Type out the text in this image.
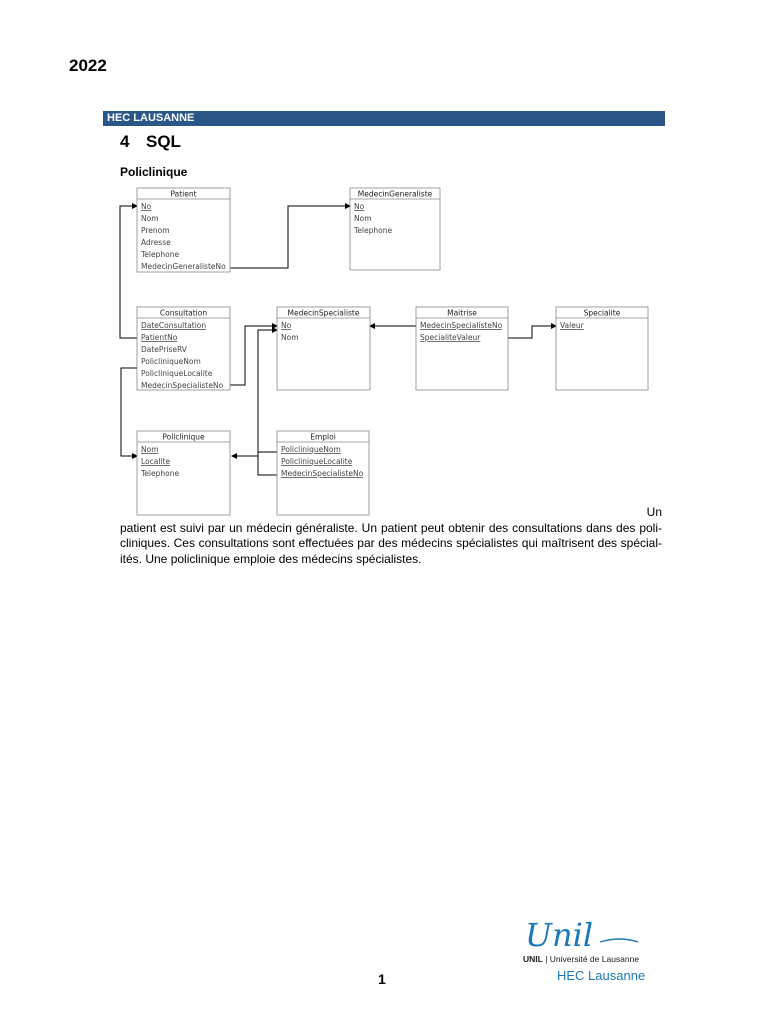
2022
HEC LAUSANNE
4 SQL
Policlinique
Patient
No
Nom
Prenom
Adresse
Telephone
MedecinGeneralisteNo
MedecinGeneraliste
No
Nom
Telephone
Consultation
DateConsultation
PatientNo
DatePriseRV
PolicliniqueNom
PolicliniqueLocalite
MedecinSpecialisteNo
MedecinSpecialiste
No
Nom
Maitrise
MedecinSpecialisteNo
SpecialiteValeur
Specialite
Valeur
Policlinique
Nom
Localite
Telephone
Emploi
PolicliniqueNom
PolicliniqueLocalite
MedecinSpecialisteNo

Un

patient est suivi par un médecin généraliste. Un patient peut obtenir des consultations dans des poli-cliniques. Ces consultations sont effectuées par des médecins spécialistes qui maîtrisent des spécial-ités. Une policlinique emploie des médecins spécialistes.

Unil
UNIL | Université de Lausanne
HEC Lausanne
1
